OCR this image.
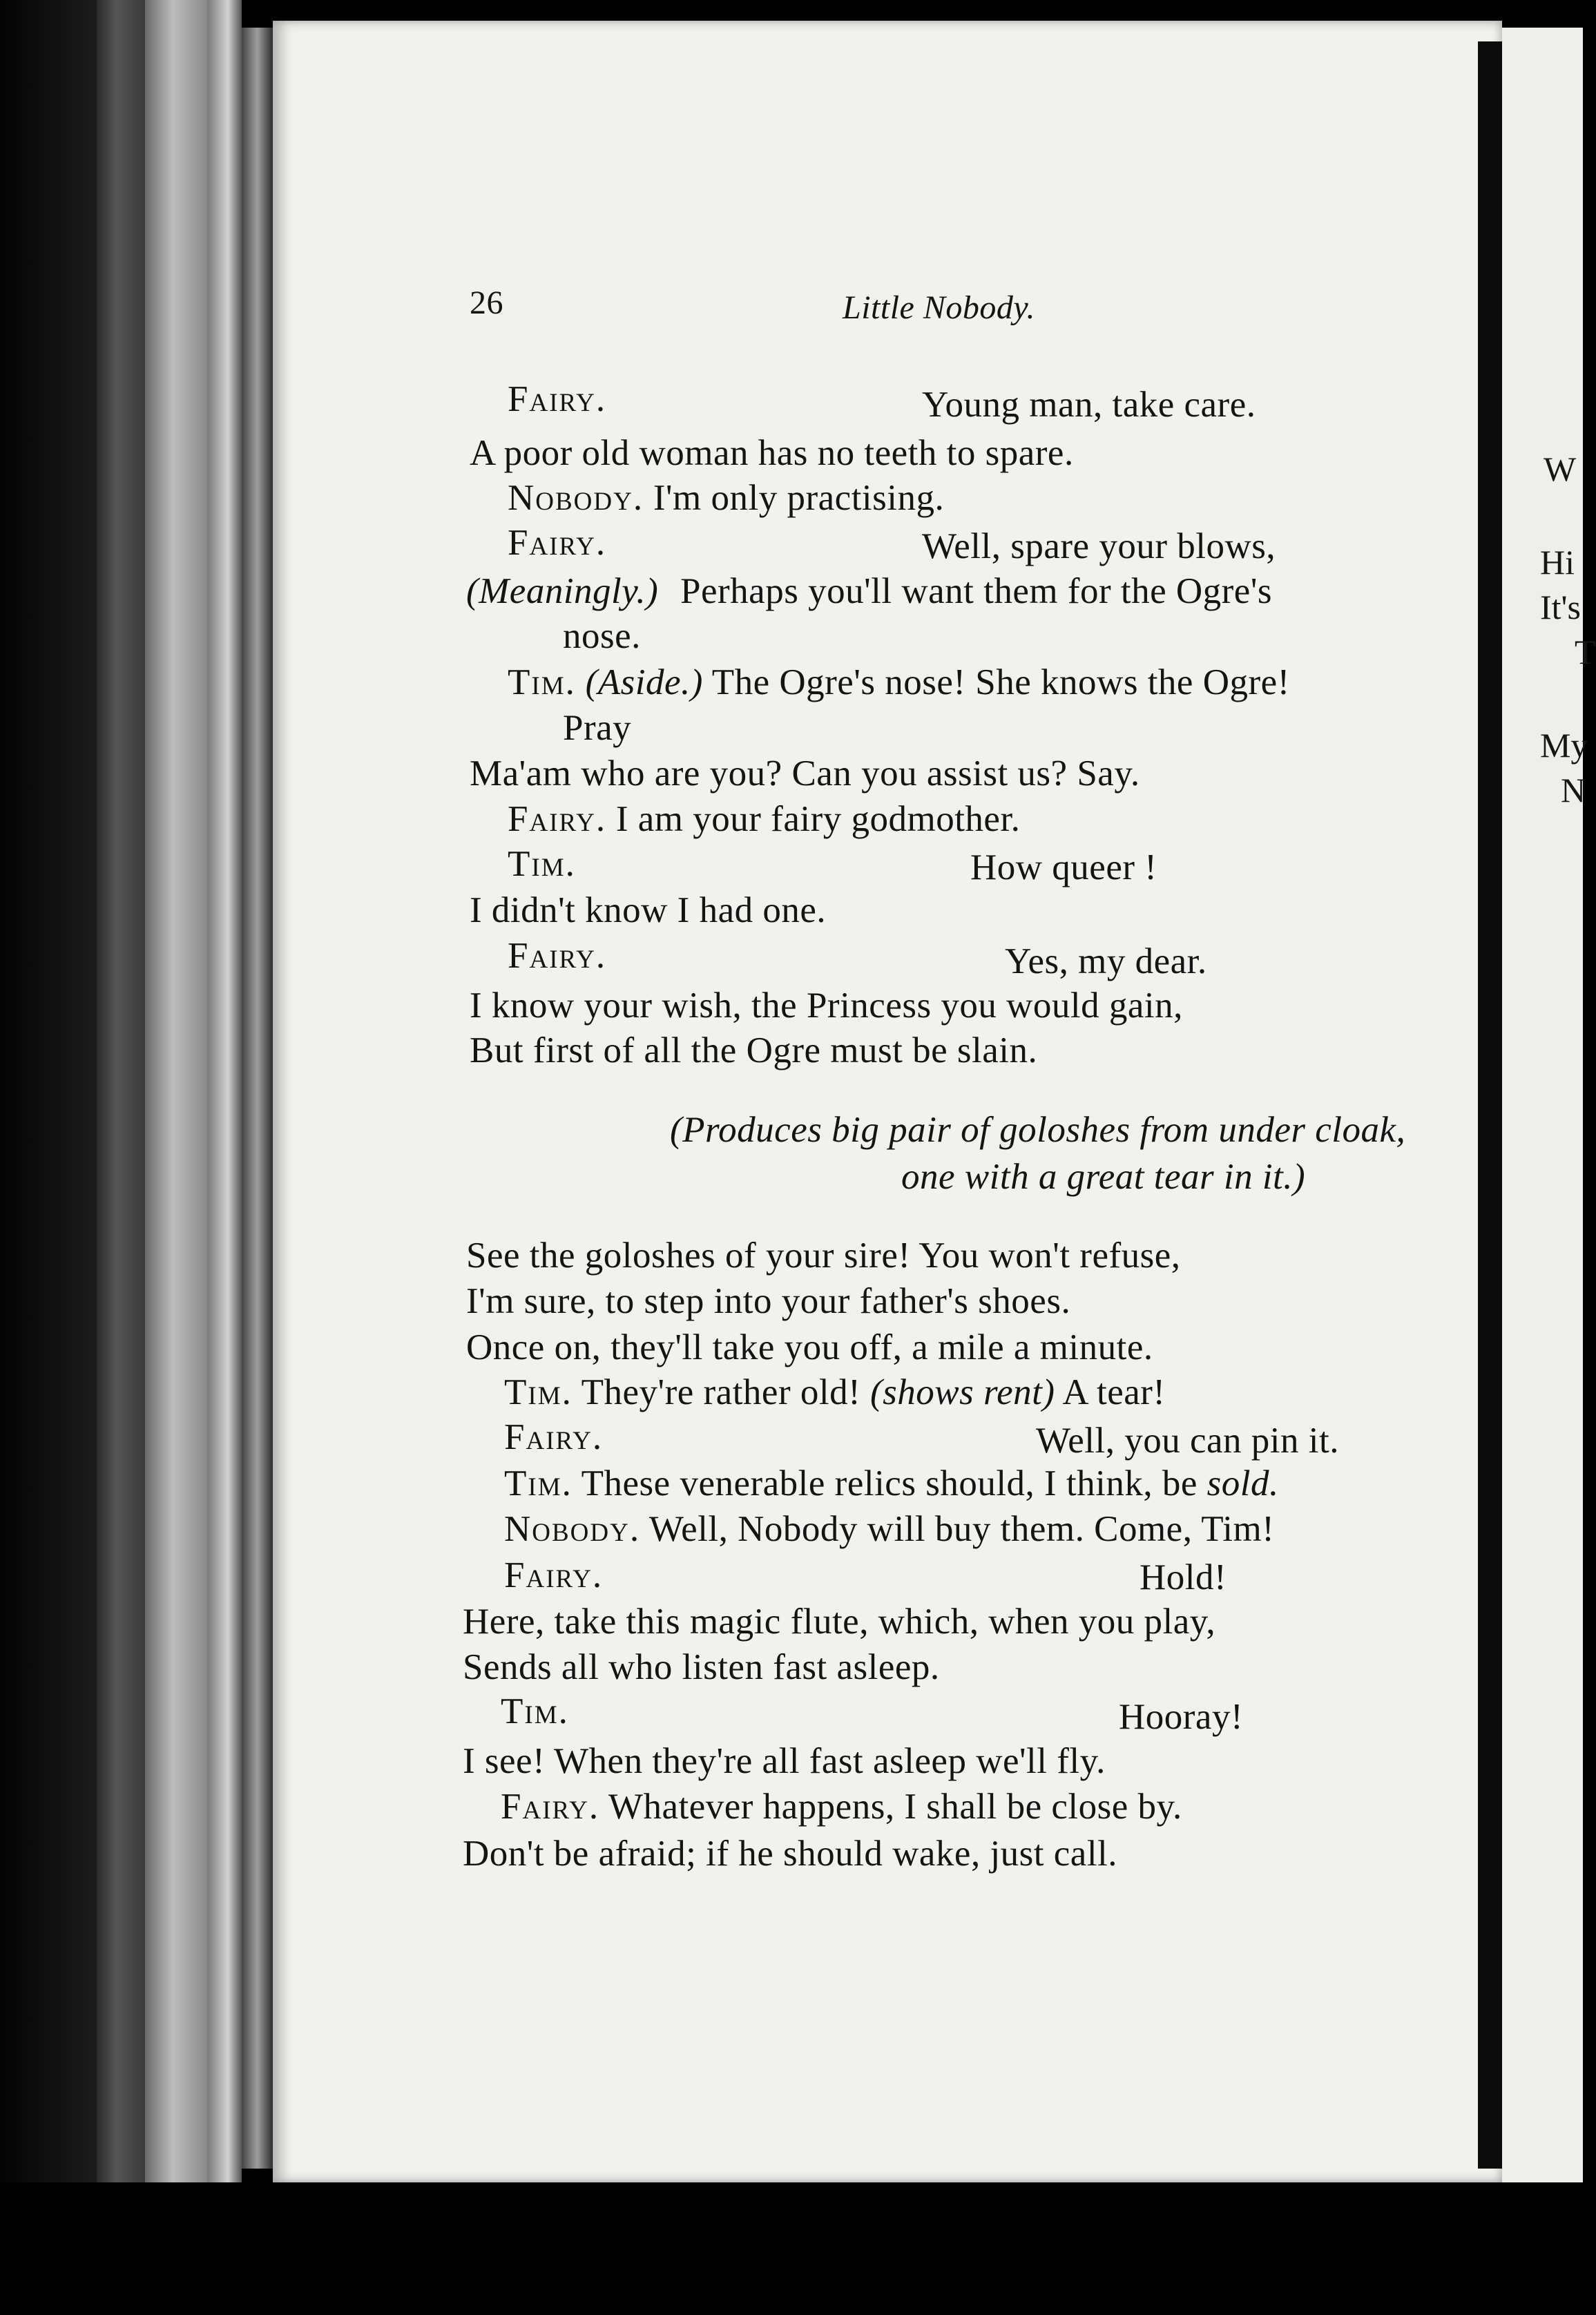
26	Little Nobody.
Fairy.	Young man, take care.
A poor old woman has no teeth to spare.
Nobody. I'm only practising.
Fairy.	Well, spare your blows,
(Meaningly.) Perhaps you'll want them for the Ogre's
nose.
Tim. (Aside.) The Ogre's nose! She knows the Ogre!
Pray
Ma'am who are you? Can you assist us? Say.
Fairy. I am your fairy godmother.
Tim.	How queer !
I didn't know I had one.
Fairy.	Yes, my dear.
I know your wish, the Princess you would gain,
But first of all the Ogre must be slain.
(Produces big pair of goloshes from under cloak,
one with a great tear in it.)
See the goloshes of your sire! You won't refuse,
I'm sure, to step into your father's shoes.
Once on, they'll take you off, a mile a minute.
Tim. They're rather old! (shows rent) A tear!
Fairy.	Well, you can pin it.
Tim. These venerable relics should, I think, be sold.
Nobody. Well, Nobody will buy them. Come, Tim!
Fairy.	Hold!
Here, take this magic flute, which, when you play,
Sends all who listen fast asleep.
Tim.	Hooray!
I see! When they're all fast asleep we'll fly.
Fairy. Whatever happens, I shall be close by.
Don't be afraid; if he should wake, just call.
W
Hi
It's
T
My
N
